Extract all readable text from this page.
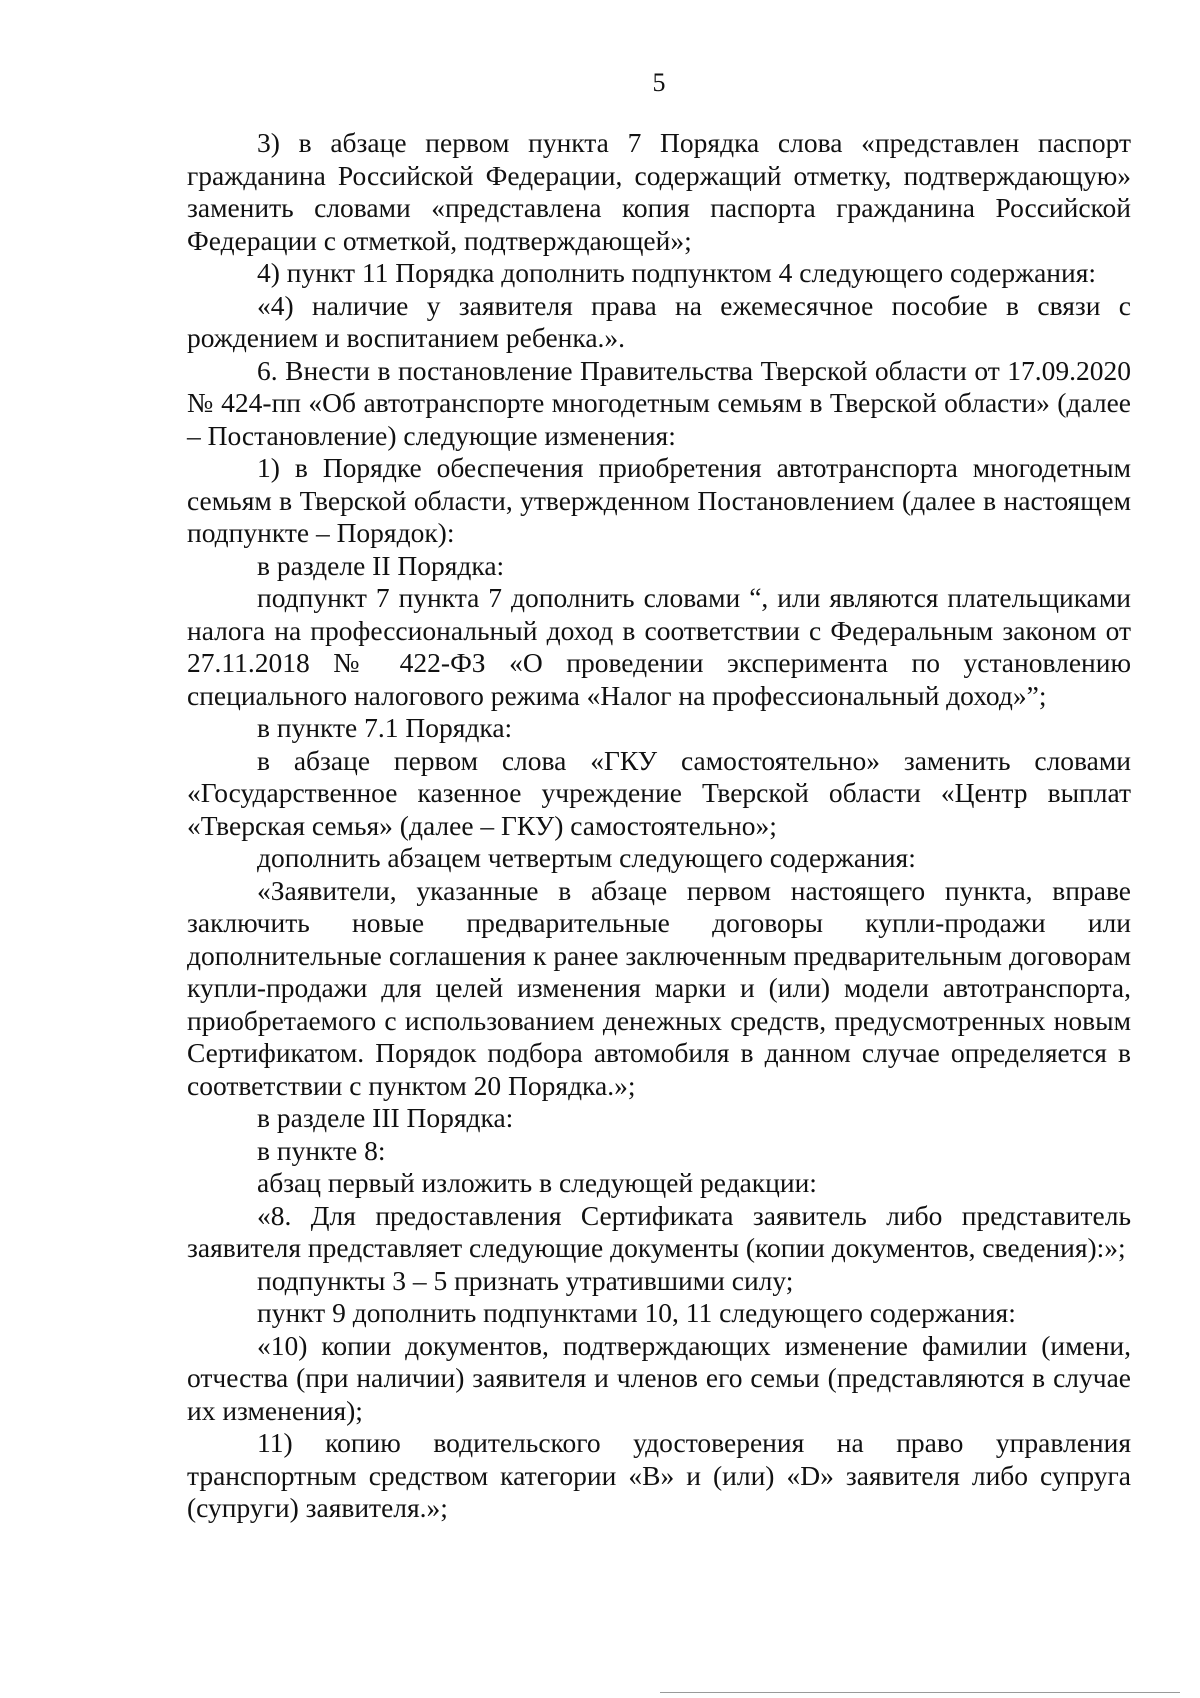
5

3) в абзаце первом пункта 7 Порядка слова «представлен паспорт гражданина Российской Федерации, содержащий отметку, подтверждающую» заменить словами «представлена копия паспорта гражданина Российской Федерации с отметкой, подтверждающей»;

4) пункт 11 Порядка дополнить подпунктом 4 следующего содержания:

«4) наличие у заявителя права на ежемесячное пособие в связи с рождением и воспитанием ребенка.».

6. Внести в постановление Правительства Тверской области от 17.09.2020 № 424-пп «Об автотранспорте многодетным семьям в Тверской области» (далее – Постановление) следующие изменения:

1) в Порядке обеспечения приобретения автотранспорта многодетным семьям в Тверской области, утвержденном Постановлением (далее в настоящем подпункте – Порядок):

в разделе II Порядка:

подпункт 7 пункта 7 дополнить словами “, или являются плательщиками налога на профессиональный доход в соответствии с Федеральным законом от 27.11.2018 № 422-ФЗ «О проведении эксперимента по установлению специального налогового режима «Налог на профессиональный доход»”;

в пункте 7.1 Порядка:

в абзаце первом слова «ГКУ самостоятельно» заменить словами «Государственное казенное учреждение Тверской области «Центр выплат «Тверская семья» (далее – ГКУ) самостоятельно»;

дополнить абзацем четвертым следующего содержания:

«Заявители, указанные в абзаце первом настоящего пункта, вправе заключить новые предварительные договоры купли-продажи или дополнительные соглашения к ранее заключенным предварительным договорам купли-продажи для целей изменения марки и (или) модели автотранспорта, приобретаемого с использованием денежных средств, предусмотренных новым Сертификатом. Порядок подбора автомобиля в данном случае определяется в соответствии с пунктом 20 Порядка.»;

в разделе III Порядка:

в пункте 8:

абзац первый изложить в следующей редакции:

«8. Для предоставления Сертификата заявитель либо представитель заявителя представляет следующие документы (копии документов, сведения):»;

подпункты 3 – 5 признать утратившими силу;

пункт 9 дополнить подпунктами 10, 11 следующего содержания:

«10) копии документов, подтверждающих изменение фамилии (имени, отчества (при наличии) заявителя и членов его семьи (представляются в случае их изменения);

11) копию водительского удостоверения на право управления транспортным средством категории «B» и (или) «D» заявителя либо супруга (супруги) заявителя.»;
